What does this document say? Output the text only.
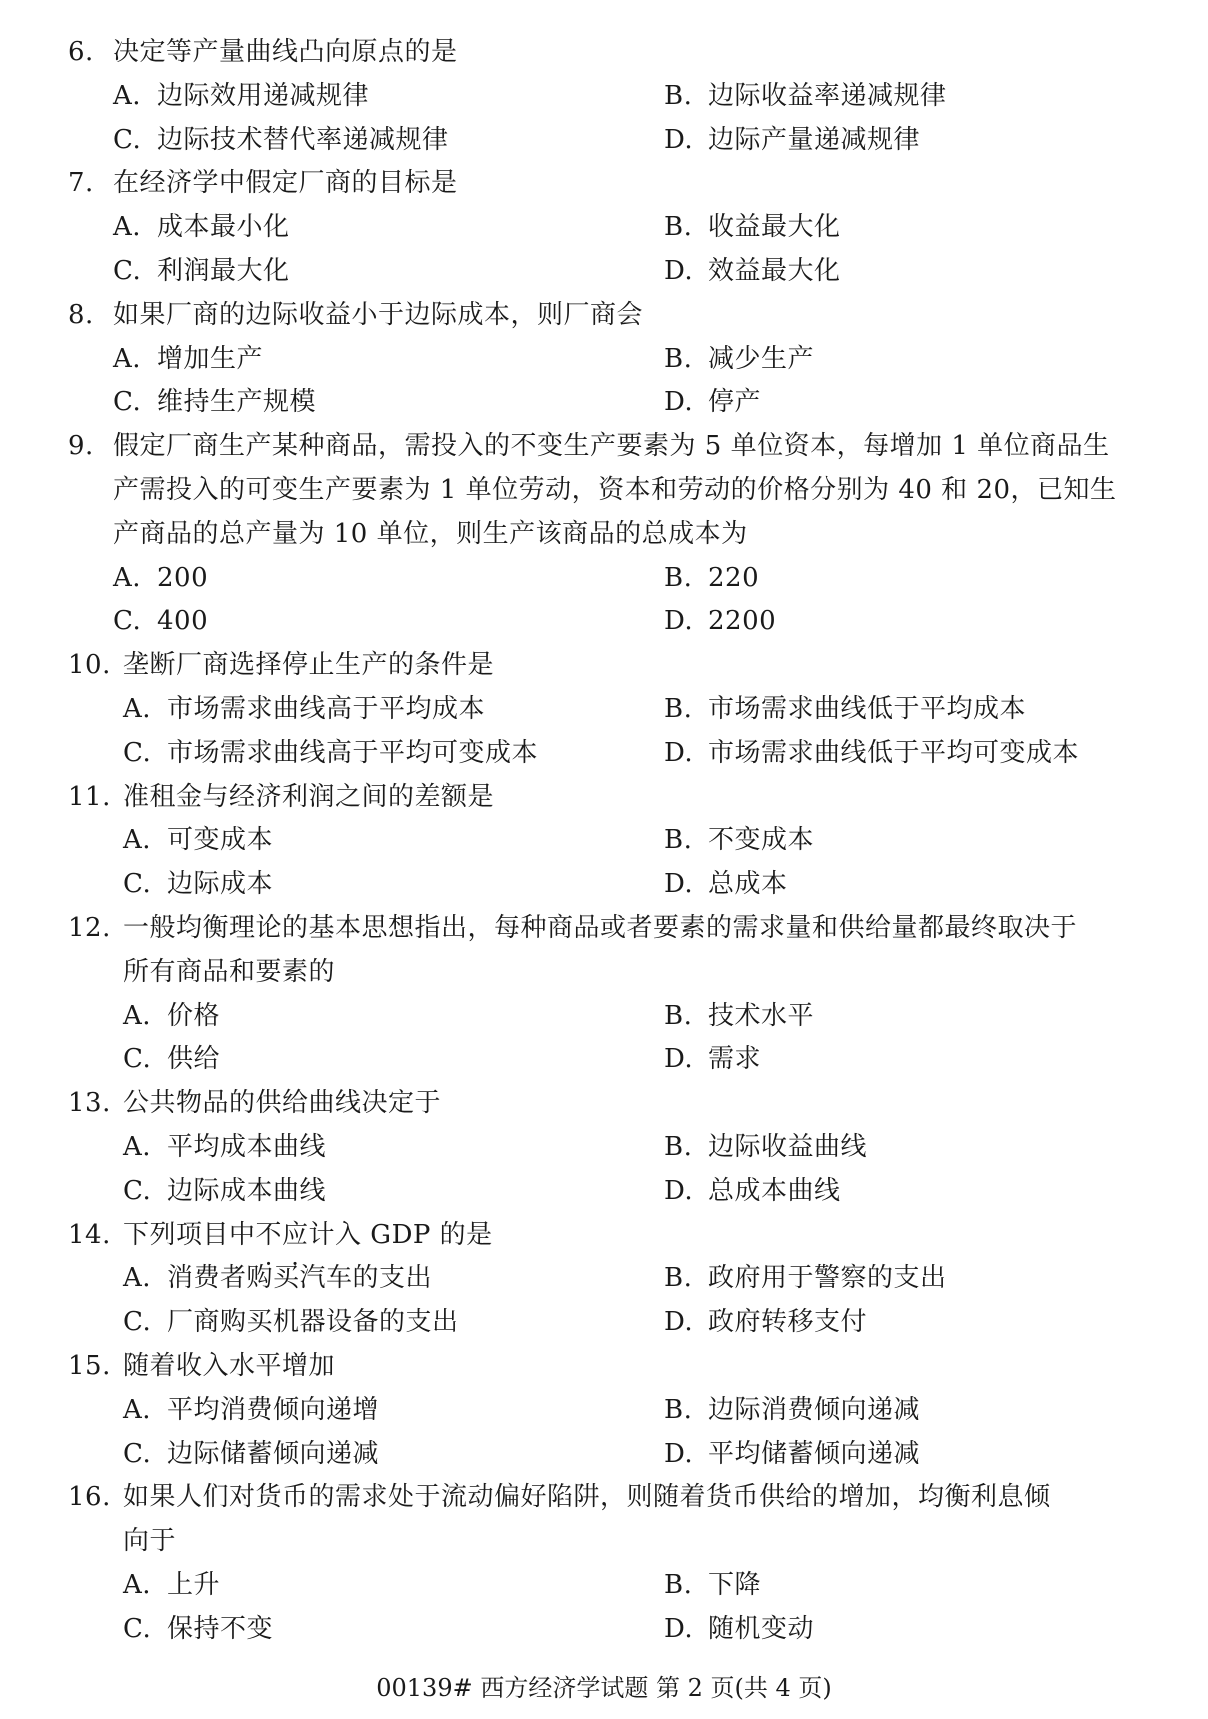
6. 决定等产量曲线凸向原点的是
A. 边际效用递减规律	B. 边际收益率递减规律
C. 边际技术替代率递减规律	D. 边际产量递减规律
7. 在经济学中假定厂商的目标是
A. 成本最小化	B. 收益最大化
C. 利润最大化	D. 效益最大化
8. 如果厂商的边际收益小于边际成本，则厂商会
A. 增加生产	B. 减少生产
C. 维持生产规模	D. 停产
9. 假定厂商生产某种商品，需投入的不变生产要素为 5 单位资本，每增加 1 单位商品生
产需投入的可变生产要素为 1 单位劳动，资本和劳动的价格分别为 40 和 20，已知生
产商品的总产量为 10 单位，则生产该商品的总成本为
A. 200	B. 220
C. 400	D. 2200
10. 垄断厂商选择停止生产的条件是
A. 市场需求曲线高于平均成本	B. 市场需求曲线低于平均成本
C. 市场需求曲线高于平均可变成本	D. 市场需求曲线低于平均可变成本
11. 准租金与经济利润之间的差额是
A. 可变成本	B. 不变成本
C. 边际成本	D. 总成本
12. 一般均衡理论的基本思想指出，每种商品或者要素的需求量和供给量都最终取决于
所有商品和要素的
A. 价格	B. 技术水平
C. 供给	D. 需求
13. 公共物品的供给曲线决定于
A. 平均成本曲线	B. 边际收益曲线
C. 边际成本曲线	D. 总成本曲线
14. 下列项目中不应计入 GDP 的是
A. 消费者购买汽车的支出	B. 政府用于警察的支出
C. 厂商购买机器设备的支出	D. 政府转移支付
15. 随着收入水平增加
A. 平均消费倾向递增	B. 边际消费倾向递减
C. 边际储蓄倾向递减	D. 平均储蓄倾向递减
16. 如果人们对货币的需求处于流动偏好陷阱，则随着货币供给的增加，均衡利息倾
向于
A. 上升	B. 下降
C. 保持不变	D. 随机变动
00139# 西方经济学试题 第 2 页(共 4 页)
